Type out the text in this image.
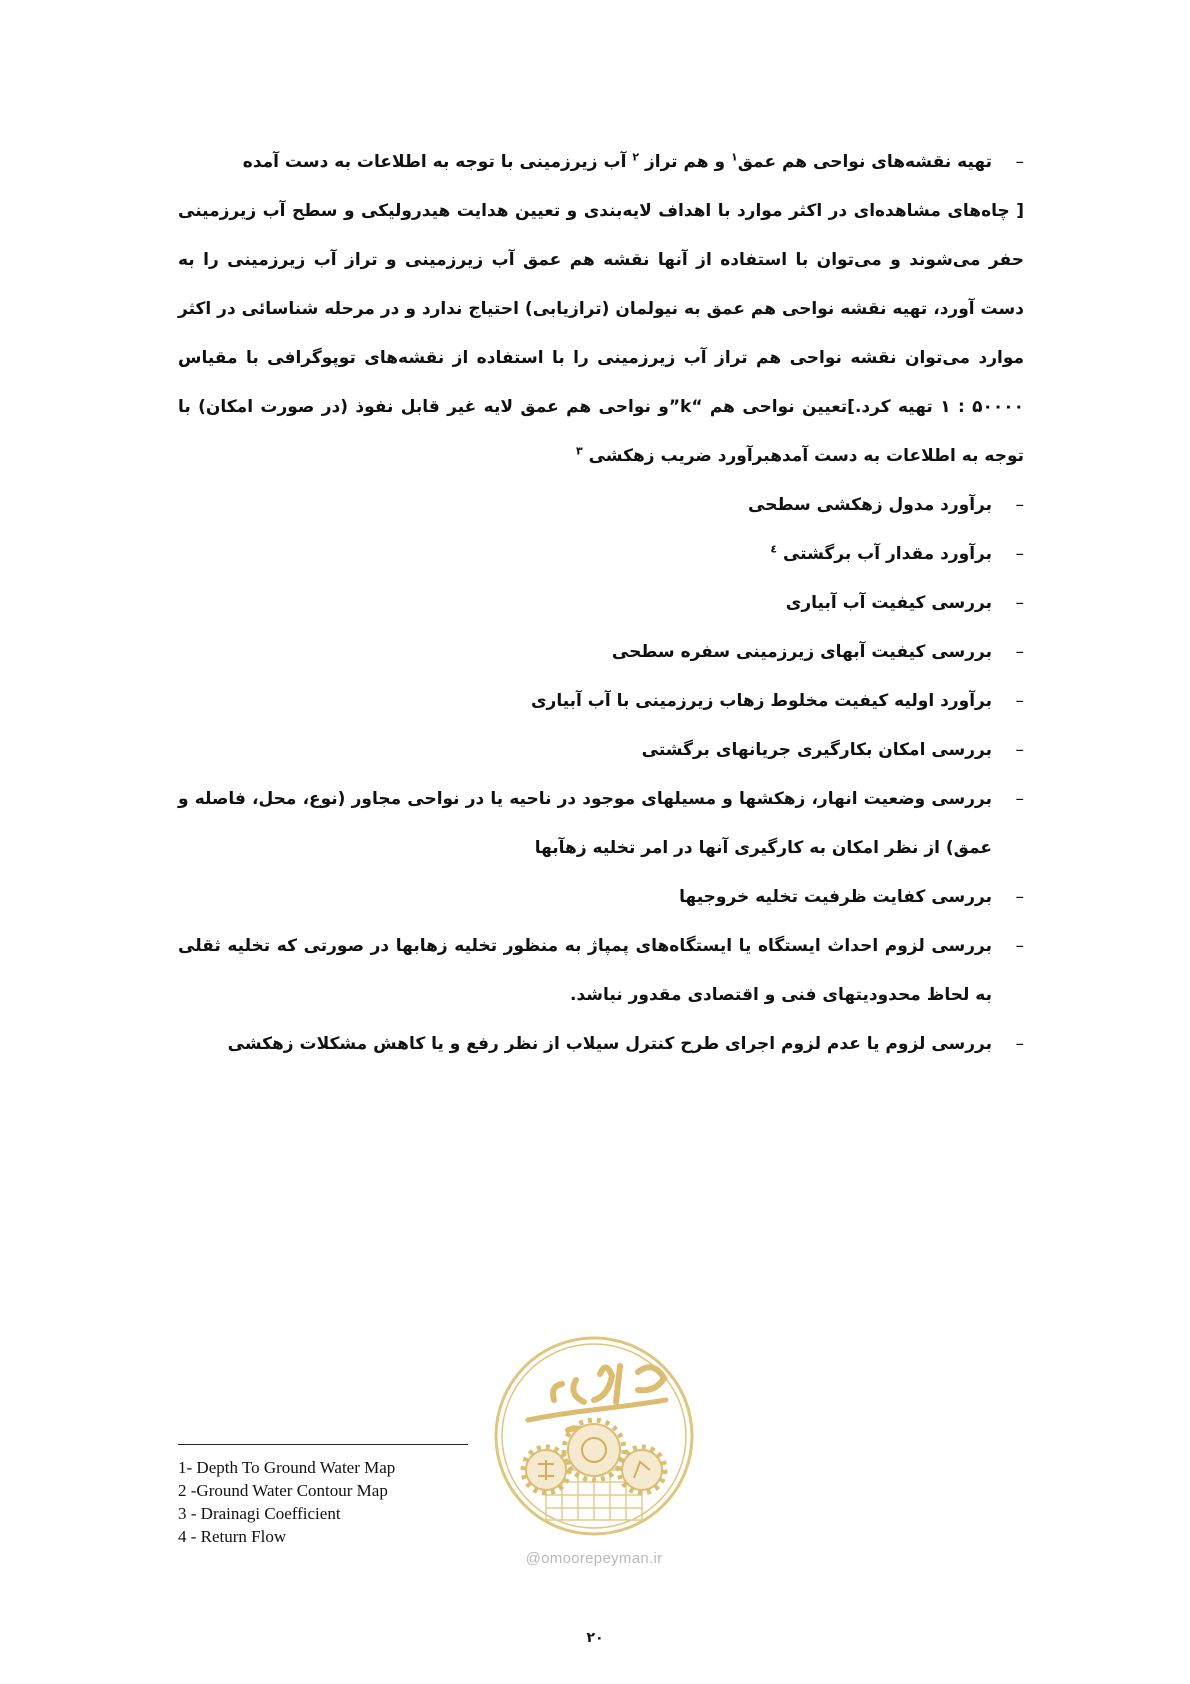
–
تهیه نقشه‌های نواحی هم عمق$^١$ و هم تراز $^٢$ آب زیرزمینی با توجه به اطلاعات به دست آمده

[ چاه‌های مشاهده‌ای در اکثر موارد با اهداف لایه‌بندی و تعیین هدایت هیدرولیکی و سطح آب زیرزمینی حفر می‌شوند و می‌توان با استفاده از آنها نقشه هم عمق آب زیرزمینی و تراز آب زیرزمینی را به دست آورد، تهیه نقشه نواحی هم عمق به نیولمان (ترازیابی) احتیاج ندارد و در مرحله شناسائی در اکثر موارد می‌توان نقشه نواحی هم تراز آب زیرزمینی را با استفاده از نقشه‌های توپوگرافی با مقیاس ۵۰۰۰۰ : ۱ تهیه کرد.]تعیین نواحی هم “k”و نواحی هم عمق لایه غیر قابل نفوذ (در صورت امکان) با توجه به اطلاعات به دست آمدهبرآورد ضریب زهکشی $^٣$

–
برآورد مدول زهکشی سطحی

–
برآورد مقدار آب برگشتی $^٤$

–
بررسی کیفیت آب آبیاری

–
بررسی کیفیت آبهای زیرزمینی سفره سطحی

–
برآورد اولیه کیفیت مخلوط زهاب زیرزمینی با آب آبیاری

–
بررسی امکان بکارگیری جریانهای برگشتی

–
بررسی وضعیت انهار، زهکشها و مسیلهای موجود در ناحیه یا در نواحی مجاور (نوع، محل، فاصله و عمق) از نظر امکان به کارگیری آنها در امر تخلیه زهآبها

–
بررسی کفایت ظرفیت تخلیه خروجیها

–
بررسی لزوم احداث ایستگاه یا ایستگاه‌های پمپاژ به منظور تخلیه زهابها در صورتی که تخلیه ثقلی به لحاظ محدودیتهای فنی و اقتصادی مقدور نباشد.

–
بررسی لزوم یا عدم لزوم اجرای طرح کنترل سیلاب از نظر رفع و یا کاهش مشکلات زهکشی

1- Depth To Ground Water Map
2 -Ground Water Contour Map
3 - Drainagi Coefficient
4 - Return Flow
@omoorepeyman.ir
۲۰
